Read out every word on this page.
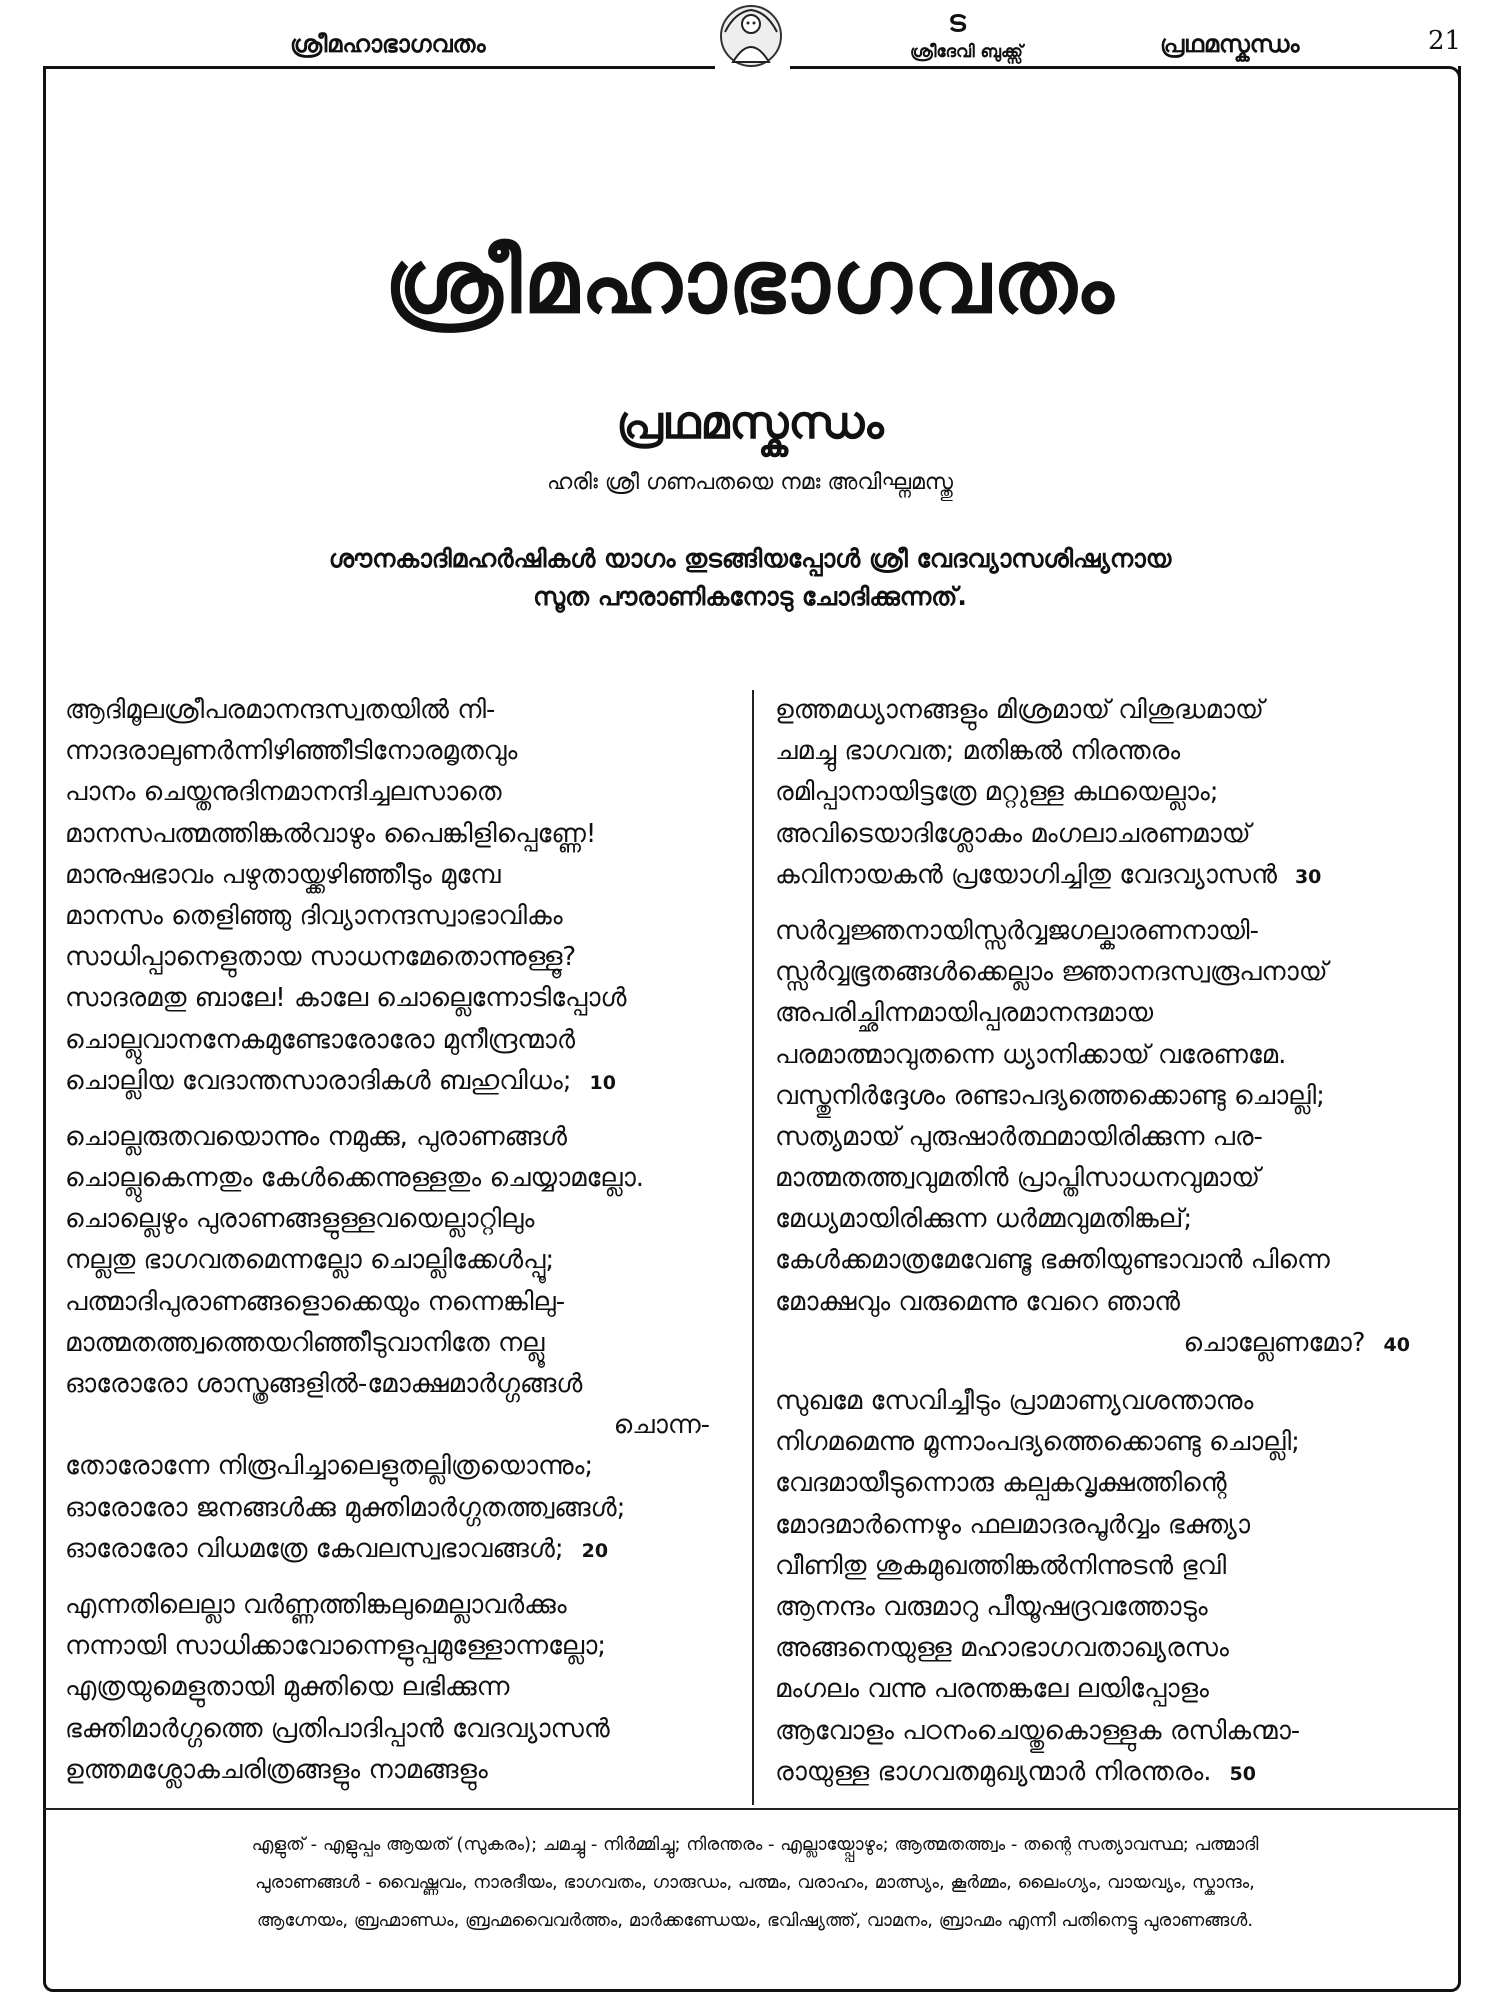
ശ്രീമഹാഭാഗവതം
ട
ശ്രീദേവി ബുക്ക്സ്	പ്രഥമസ്കന്ധം	21
ശ്രീമഹാഭാഗവതം
പ്രഥമസ്കന്ധം
ഹരിഃ ശ്രീ ഗണപതയെ നമഃ അവിഘ്നമസ്തു
ശൗനകാദിമഹർഷികൾ യാഗം തുടങ്ങിയപ്പോൾ ശ്രീ വേദവ്യാസശിഷ്യനായ
സൂത പൗരാണികനോടു ചോദിക്കുന്നത്.
ആദിമൂലശ്രീപരമാനന്ദസ്വതയിൽ നി-
ന്നാദരാലുണർന്നിഴിഞ്ഞീടിനോരമൃതവും
പാനം ചെയ്തനുദിനമാനന്ദിച്ചലസാതെ
മാനസപത്മത്തിങ്കൽവാഴും പൈങ്കിളിപ്പെണ്ണേ!
മാനുഷഭാവം പഴുതായ്ക്കഴിഞ്ഞീടും മുമ്പേ
മാനസം തെളിഞ്ഞു ദിവ്യാനന്ദസ്വാഭാവികം
സാധിപ്പാനെളുതായ സാധനമേതൊന്നുള്ളൂ?
സാദരമതു ബാലേ! കാലേ ചൊല്ലെന്നോടിപ്പോൾ
ചൊല്ലുവാനനേകമുണ്ടോരോരോ മുനീന്ദ്രന്മാർ
ചൊല്ലിയ വേദാന്തസാരാദികൾ ബഹുവിധം; 10
ചൊല്ലരുതവയൊന്നും നമുക്കു, പുരാണങ്ങൾ
ചൊല്ലുകെന്നതും കേൾക്കെന്നുള്ളതും ചെയ്യാമല്ലോ.
ചൊല്ലെഴും പുരാണങ്ങളുള്ളവയെല്ലാറ്റിലും
നല്ലതു ഭാഗവതമെന്നല്ലോ ചൊല്ലിക്കേൾപ്പൂ;
പത്മാദിപുരാണങ്ങളൊക്കെയും നന്നെങ്കിലു-
മാത്മതത്ത്വത്തെയറിഞ്ഞീടുവാനിതേ നല്ലൂ
ഓരോരോ ശാസ്ത്രങ്ങളിൽ-മോക്ഷമാർഗ്ഗങ്ങൾ
ചൊന്ന-
തോരോന്നേ നിരൂപിച്ചാലെളുതല്ലിത്രയൊന്നും;
ഓരോരോ ജനങ്ങൾക്കു മുക്തിമാർഗ്ഗതത്ത്വങ്ങൾ;
ഓരോരോ വിധമത്രേ കേവലസ്വഭാവങ്ങൾ; 20
എന്നതിലെല്ലാ വർണ്ണത്തിങ്കലുമെല്ലാവർക്കും
നന്നായി സാധിക്കാവോന്നെളുപ്പമുള്ളോന്നല്ലോ;
എത്രയുമെളുതായി മുക്തിയെ ലഭിക്കുന്ന
ഭക്തിമാർഗ്ഗത്തെ പ്രതിപാദിപ്പാൻ വേദവ്യാസൻ
ഉത്തമശ്ലോകചരിത്രങ്ങളും നാമങ്ങളും
ഉത്തമധ്യാനങ്ങളും മിശ്രമായ് വിശുദ്ധമായ്
ചമച്ചു ഭാഗവത; മതിങ്കൽ നിരന്തരം
രമിപ്പാനായിട്ടത്രേ മറ്റുള്ള കഥയെല്ലാം;
അവിടെയാദിശ്ലോകം മംഗലാചരണമായ്
കവിനായകൻ പ്രയോഗിച്ചിതു വേദവ്യാസൻ 30
സർവ്വജ്ഞനായിസ്സർവ്വജഗല്കാരണനായി-
സ്സർവ്വഭൂതങ്ങൾക്കെല്ലാം ജ്ഞാനദസ്വരൂപനായ്
അപരിച്ഛിന്നമായിപ്പരമാനന്ദമായ
പരമാത്മാവുതന്നെ ധ്യാനിക്കായ് വരേണമേ.
വസ്തുനിർദ്ദേശം രണ്ടാപദ്യത്തെക്കൊണ്ടു ചൊല്ലി;
സത്യമായ് പുരുഷാർത്ഥമായിരിക്കുന്ന പര-
മാത്മതത്ത്വവുമതിൻ പ്രാപ്തിസാധനവുമായ്
മേധ്യമായിരിക്കുന്ന ധർമ്മവുമതിങ്കല്;
കേൾക്കമാത്രമേവേണ്ടൂ ഭക്തിയുണ്ടാവാൻ പിന്നെ
മോക്ഷവും വരുമെന്നു വേറെ ഞാൻ
ചൊല്ലേണമോ? 40
സുഖമേ സേവിച്ചീടും പ്രാമാണ്യവശന്താനും
നിഗമമെന്നു മൂന്നാംപദ്യത്തെക്കൊണ്ടു ചൊല്ലി;
വേദമായീടുന്നൊരു കല്പകവൃക്ഷത്തിന്റെ
മോദമാർന്നെഴും ഫലമാദരപൂർവ്വം ഭക്ത്യാ
വീണിതു ശുകമുഖത്തിങ്കൽനിന്നുടൻ ഭുവി
ആനന്ദം വരുമാറു പീയൂഷദ്രവത്തോടും
അങ്ങനെയുള്ള മഹാഭാഗവതാഖ്യരസം
മംഗലം വന്നു പരന്തങ്കലേ ലയിപ്പോളം
ആവോളം പഠനംചെയ്തുകൊള്ളുക രസികന്മാ-
രായുള്ള ഭാഗവതമുഖ്യന്മാർ നിരന്തരം. 50
എളുത് - എളുപ്പം ആയത് (സുകരം); ചമച്ചു - നിർമ്മിച്ചു; നിരന്തരം - എല്ലായ്പ്പോഴും; ആത്മതത്ത്വം - തന്റെ സത്യാവസ്ഥ; പത്മാദി
പുരാണങ്ങൾ - വൈഷ്ണവം, നാരദീയം, ഭാഗവതം, ഗാരുഡം, പത്മം, വരാഹം, മാത്സ്യം, കൂർമ്മം, ലൈംഗ്യം, വായവ്യം, സ്കാന്ദം,
ആഗ്നേയം, ബ്രഹ്മാണ്ഡം, ബ്രഹ്മവൈവർത്തം, മാർക്കണ്ഡേയം, ഭവിഷ്യത്ത്, വാമനം, ബ്രാഹ്മം എന്നീ പതിനെട്ടു പുരാണങ്ങൾ.
